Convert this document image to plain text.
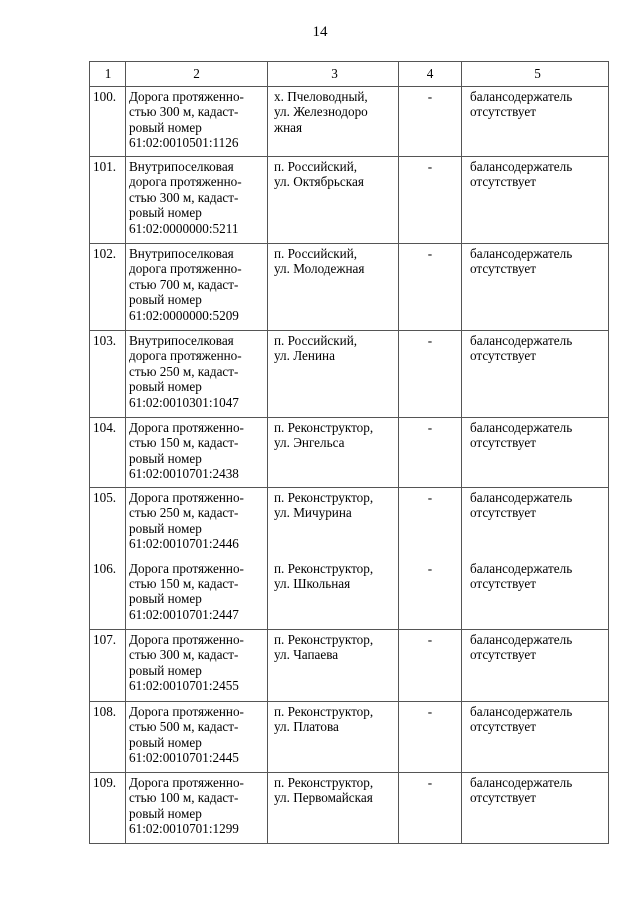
14
1	2	3	4	5
100.	Дорога протяженно-
стью 300 м, кадаст-
ровый номер
61:02:0010501:1126	х. Пчеловодный,
ул. Железнодоро
жная	-	балансодержатель
отсутствует

101.	Внутрипоселковая
дорога протяженно-
стью 300 м, кадаст-
ровый номер
61:02:0000000:5211	п. Российский,
ул. Октябрьская	-	балансодержатель
отсутствует

102.	Внутрипоселковая
дорога протяженно-
стью 700 м, кадаст-
ровый номер
61:02:0000000:5209	п. Российский,
ул. Молодежная	-	балансодержатель
отсутствует

103.	Внутрипоселковая
дорога протяженно-
стью 250 м, кадаст-
ровый номер
61:02:0010301:1047	п. Российский,
ул. Ленина	-	балансодержатель
отсутствует

104.	Дорога протяженно-
стью 150 м, кадаст-
ровый номер
61:02:0010701:2438	п. Реконструктор,
ул. Энгельса	-	балансодержатель
отсутствует

105.	Дорога протяженно-
стью 250 м, кадаст-
ровый номер
61:02:0010701:2446	п. Реконструктор,
ул. Мичурина	-	балансодержатель
отсутствует

106.	Дорога протяженно-
стью 150 м, кадаст-
ровый номер
61:02:0010701:2447	п. Реконструктор,
ул. Школьная	-	балансодержатель
отсутствует

107.	Дорога протяженно-
стью 300 м, кадаст-
ровый номер
61:02:0010701:2455	п. Реконструктор,
ул. Чапаева	-	балансодержатель
отсутствует

108.	Дорога протяженно-
стью 500 м, кадаст-
ровый номер
61:02:0010701:2445	п. Реконструктор,
ул. Платова	-	балансодержатель
отсутствует

109.	Дорога протяженно-
стью 100 м, кадаст-
ровый номер
61:02:0010701:1299	п. Реконструктор,
ул. Первомайская	-	балансодержатель
отсутствует
